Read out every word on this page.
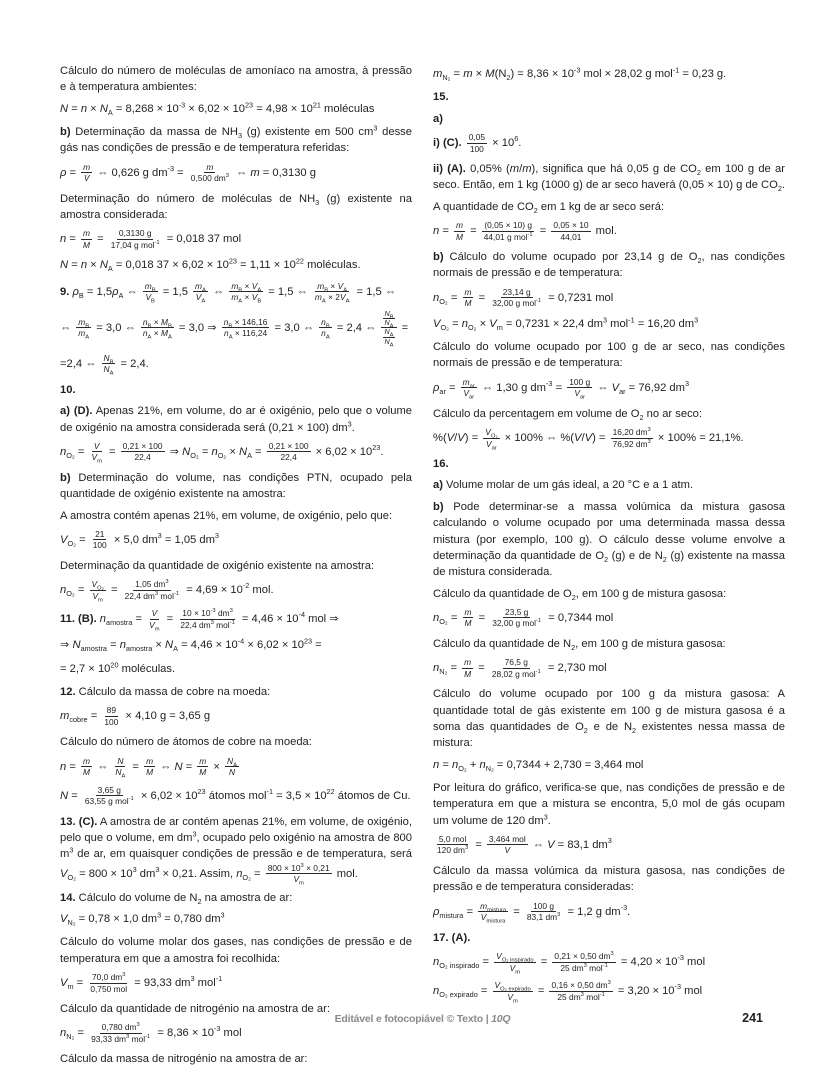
Cálculo do número de moléculas de amoníaco na amostra, à pressão e à temperatura ambientes:
$N = n \times N_A = 8,268 \times 10^{-3} \times 6,02 \times 10^{23} = 4,98 \times 10^{21}$ moléculas
b) Determinação da massa de $NH_3$ (g) existente em 500 $cm^3$ desse gás nas condições de pressão e de temperatura referidas:
$\rho = \frac{m}{V}$ ⇔ 0,626 g $dm^{-3} = \frac{m}{0,500 dm^3}$ ⇔ m = 0,3130 g
Determinação do número de moléculas de $NH_3$ (g) existente na amostra considerada:
$n = \frac{m}{M} = 0,3130$ g
17,04 g mol$^{-1}$ = 0,018 37 mol
$N = n \times N_A = 0,018$ $37 \times 6,02 \times 10^{23} = 1,11 \times 10^{22}$ moléculas.
9. $\rho_B = 1,5\rho_A$ ⇔ $\frac{m_B}{V_B} = 1,5 \frac{m_A}{V_A}$ ⇔ $\frac{m_B \times V_A}{m_A \times V_B} = 1,5$ ⇔ $\frac{m_B \times V_A}{m_A \times 2V_A} = 1,5$ ⇔
⇔ $\frac{m_B}{m_A} = 3,0$ ⇔ $\frac{n_B \times M_B}{n_A \times M_A} = 3,0$ ⇒ $\frac{n_B \times 146,16}{n_A \times 116,24} = 3,0$ ⇔ $\frac{n_B}{n_A} = 2,4$ ⇔
$\frac{N_B}{N_A}$
$\frac{N_A}{N_A}$
=
=2,4 ⇔ $\frac{N_B}{N_A} = 2,4$.
10.
a) (D). Apenas 21%, em volume, do ar é oxigénio, pelo que o volume de oxigénio na amostra considerada será (0,21 × 100) $dm^3$.
$n_{O_2} = \frac{V}{V_m} = \frac{0,21 \times 100}{22,4}$ ⇒ $N_{O_2} = n_{O_2} \times N_A = \frac{0,21 \times 100}{22,4} \times 6,02 \times 10^{23}$.
b) Determinação do volume, nas condições PTN, ocupado pela quantidade de oxigénio existente na amostra:
A amostra contém apenas 21%, em volume, de oxigénio, pelo que:
$V_{O_2} = \frac{21}{100} \times 5,0$ $dm^3 = 1,05$ $dm^3$
Determinação da quantidade de oxigénio existente na amostra:
$n_{O_2} = \frac{V_{O_2}}{V_m} = 1,05$ $dm^3$
22,4 $dm^3$ $mol^{-1} = 4,69 \times 10^{-2}$ mol.
11. (B). $n_{amostra} = \frac{V}{V_m} = 10 \times 10^{-3}$ $dm^3$
22,4 $dm^3$ $mol^{-1} = 4,46 \times 10^{-4}$ mol ⇒
⇒ $N_{amostra} = n_{amostra} \times N_A = 4,46 \times 10^{-4} \times 6,02 \times 10^{23}$ =
= $2,7 \times 10^{20}$ moléculas.
12. Cálculo da massa de cobre na moeda:
$m_{cobre} = \frac{89}{100} \times 4,10$ g = 3,65 g
Cálculo do número de átomos de cobre na moeda:
$n = \frac{m}{M}$ ⇔ $\frac{N}{N_A} = \frac{m}{M}$ ⇔ $N = \frac{m}{M} \times \frac{N_A}{N}$
N = 3,65 g
63,55 g $mol^{-1} \times 6,02 \times 10^{23}$ átomos $mol^{-1} = 3,5 \times 10^{22}$ átomos de Cu.
13. (C). A amostra de ar contém apenas 21%, em volume, de oxigénio, pelo que o volume, em $dm^3$, ocupado pelo oxigénio na amostra de 800 $m^3$ de ar, em quaisquer condições de pressão e de temperatura, será $V_{O_2} = 800 \times 10^3$ $dm^3 \times 0,21$. Assim, $n_{O_2} = \frac{800 \times 10^3 \times 0,21}{V_m}$ mol.
14. Cálculo do volume de $N_2$ na amostra de ar:
$V_{N_2} = 0,78 \times 1,0$ $dm^3 = 0,780$ $dm^3$
Cálculo do volume molar dos gases, nas condições de pressão e de temperatura em que a amostra foi recolhida:
$V_m = 70,0$ $dm^3$
0,750 mol = 93,33 $dm^3$ mol$^{-1}$
Cálculo da quantidade de nitrogénio na amostra de ar:
$n_{N_2} = 0,780$ $dm^3$
93,33 $dm^3$ $mol^{-1} = 8,36 \times 10^{-3}$ mol
Cálculo da massa de nitrogénio na amostra de ar:
$m_{N_2} = m \times M(N_2) = 8,36 \times 10^{-3}$ mol × 28,02 g mol$^{-1}$ = 0,23 g.
15.
a)
i) (C). $\frac{0,05}{100} \times 10^6$.
ii) (A). 0,05% (m/m), significa que há 0,05 g de $CO_2$ em 100 g de ar seco. Então, em 1 kg (1000 g) de ar seco haverá (0,05 × 10) g de $CO_2$.
A quantidade de $CO_2$ em 1 kg de ar seco será:
$n = \frac{m}{M} = (0,05 \times 10)$ g
44,01 g $mol^{-1} = \frac{0,05 \times 10}{44,01}$ mol.
b) Cálculo do volume ocupado por 23,14 g de $O_2$, nas condições normais de pressão e de temperatura:
$n_{O_2} = \frac{m}{M} = 23,14$ g
32,00 g mol$^{-1}$ = 0,7231 mol
$V_{O_2} = n_{O_2} \times V_m = 0,7231 \times 22,4$ $dm^3$ mol$^{-1}$ = 16,20 $dm^3$
Cálculo do volume ocupado por 100 g de ar seco, nas condições normais de pressão e de temperatura:
$\rho_{ar} = m_{ar}$
$V_{ar}$
⇔ 1,30 g $dm^{-3} = 100$ g
$V_{ar}$
⇔ $V_{ar} = 76,92$ $dm^3$
Cálculo da percentagem em volume de $O_2$ no ar seco:
$\%(V/V) = V_{O_2}$
$V_{ar}$
× 100% ⇔ $\%(V/V) = \frac{16,20 dm^3}{76,92 dm^3} \times 100\% = 21,1\%$.
16.
a) Volume molar de um gás ideal, a 20 °C e a 1 atm.
b) Pode determinar-se a massa volúmica da mistura gasosa calculando o volume ocupado por uma determinada massa dessa mistura (por exemplo, 100 g). O cálculo desse volume envolve a determinação da quantidade de $O_2$ (g) e de $N_2$ (g) existente na massa de mistura considerada.
Cálculo da quantidade de $O_2$, em 100 g de mistura gasosa:
$n_{O_2} = \frac{m}{M} = 23,5$ g
32,00 g mol$^{-1}$ = 0,7344 mol
Cálculo da quantidade de $N_2$, em 100 g de mistura gasosa:
$n_{N_2} = \frac{m}{M} = 76,5$ g
28,02 g mol$^{-1}$ = 2,730 mol
Cálculo do volume ocupado por 100 g da mistura gasosa: A quantidade total de gás existente em 100 g de mistura gasosa é a soma das quantidades de $O_2$ e de $N_2$ existentes nessa massa de mistura:
$n = n_{O_2} + n_{N_2} = 0,7344 + 2,730 = 3,464$ mol
Por leitura do gráfico, verifica-se que, nas condições de pressão e de temperatura em que a mistura se encontra, 5,0 mol de gás ocupam um volume de 120 $dm^3$.
5,0 mol
120 $dm^3 = 3,464$ mol
V ⇔ V = 83,1 $dm^3$
Cálculo da massa volúmica da mistura gasosa, nas condições de pressão e de temperatura consideradas:
$\rho_{mistura} = m_{mistura}$
$V_{mistura}$
= $\frac{100 g}{83,1 dm^3} = 1,2$ g $dm^{-3}$.
17. (A).
$n_{O_2 inspirado} = V_{O_2 inspirado}$
$V_m$
= 0,21 × 0,50 $dm^3$
25 $dm^3$ $mol^{-1} = 4,20 \times 10^{-3}$ mol
$n_{O_2 expirado} = V_{O_2 expirado}$
$V_m$
= 0,16 × 0,50 $dm^3$
25 $dm^3$ $mol^{-1} = 3,20 \times 10^{-3}$ mol
Editável e fotocopiável © Texto | 10Q	241
